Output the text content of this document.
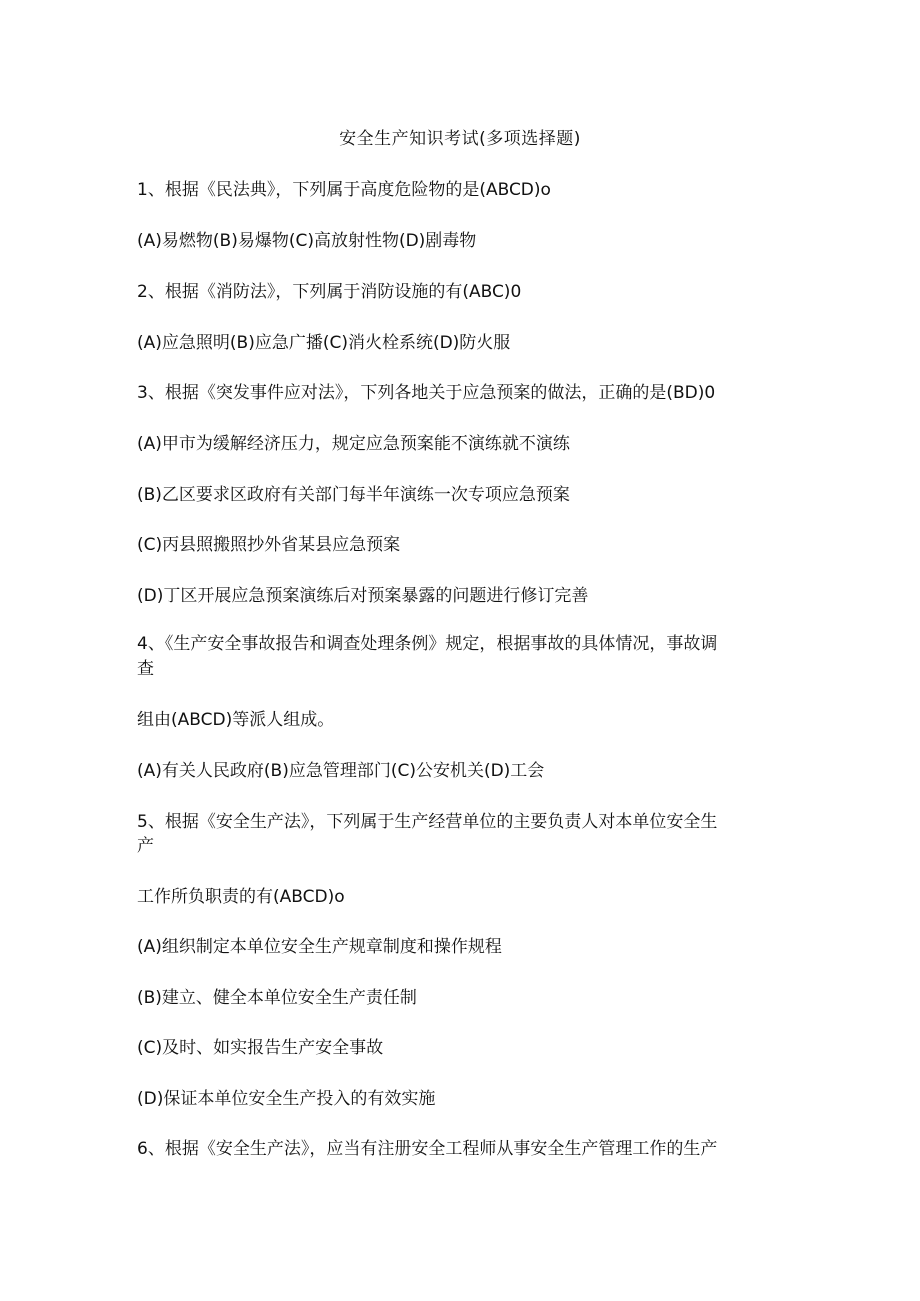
安全生产知识考试(多项选择题)
1、根据《民法典》，下列属于高度危险物的是(ABCD)o
(A)易燃物(B)易爆物(C)高放射性物(D)剧毒物
2、根据《消防法》，下列属于消防设施的有(ABC)0
(A)应急照明(B)应急广播(C)消火栓系统(D)防火服
3、根据《突发事件应对法》，下列各地关于应急预案的做法，正确的是(BD)0
(A)甲市为缓解经济压力，规定应急预案能不演练就不演练
(B)乙区要求区政府有关部门每半年演练一次专项应急预案
(C)丙县照搬照抄外省某县应急预案
(D)丁区开展应急预案演练后对预案暴露的问题进行修订完善
4、《生产安全事故报告和调查处理条例》规定，根据事故的具体情况，事故调
查
组由(ABCD)等派人组成。
(A)有关人民政府(B)应急管理部门(C)公安机关(D)工会
5、根据《安全生产法》，下列属于生产经营单位的主要负责人对本单位安全生
产
工作所负职责的有(ABCD)o
(A)组织制定本单位安全生产规章制度和操作规程
(B)建立、健全本单位安全生产责任制
(C)及时、如实报告生产安全事故
(D)保证本单位安全生产投入的有效实施
6、根据《安全生产法》，应当有注册安全工程师从事安全生产管理工作的生产
